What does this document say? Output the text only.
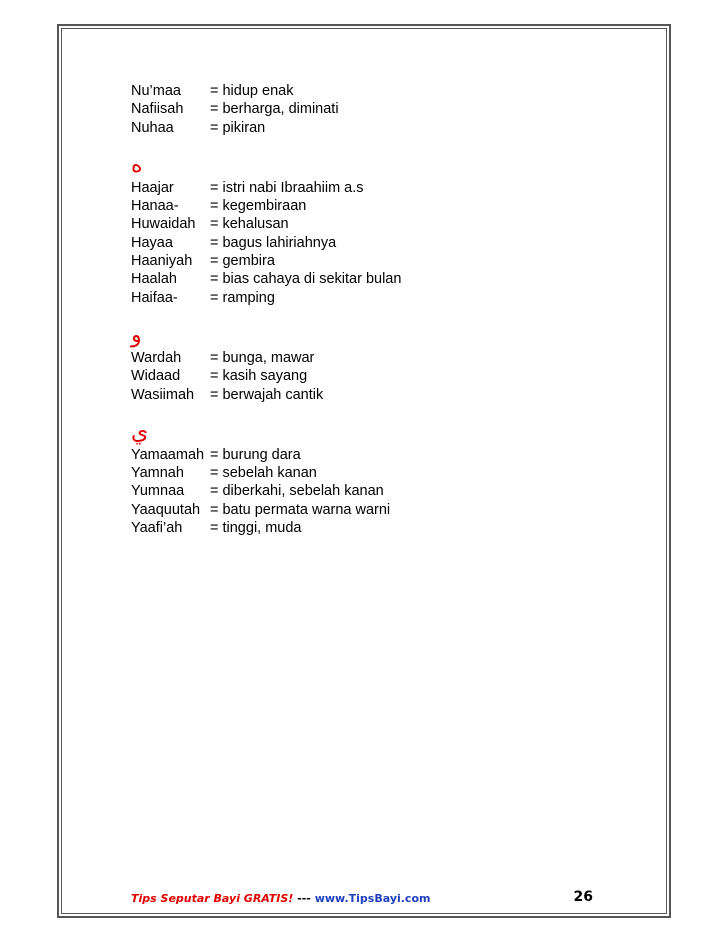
Nu’maa	= hidup enak
Nafiisah	= berharga, diminati
Nuhaa	= pikiran
ه
Haajar	= istri nabi Ibraahiim a.s
Hanaa-	= kegembiraan
Huwaidah	= kehalusan
Hayaa	= bagus lahiriahnya
Haaniyah	= gembira
Haalah	= bias cahaya di sekitar bulan
Haifaa-	= ramping
و
Wardah	= bunga, mawar
Widaad	= kasih sayang
Wasiimah	= berwajah cantik
ي
Yamaamah = burung dara
Yamnah	= sebelah kanan
Yumnaa	= diberkahi, sebelah kanan
Yaaquutah = batu permata warna warni
Yaafi’ah	= tinggi, muda
Tips Seputar Bayi GRATIS! --- www.TipsBayi.com	26
